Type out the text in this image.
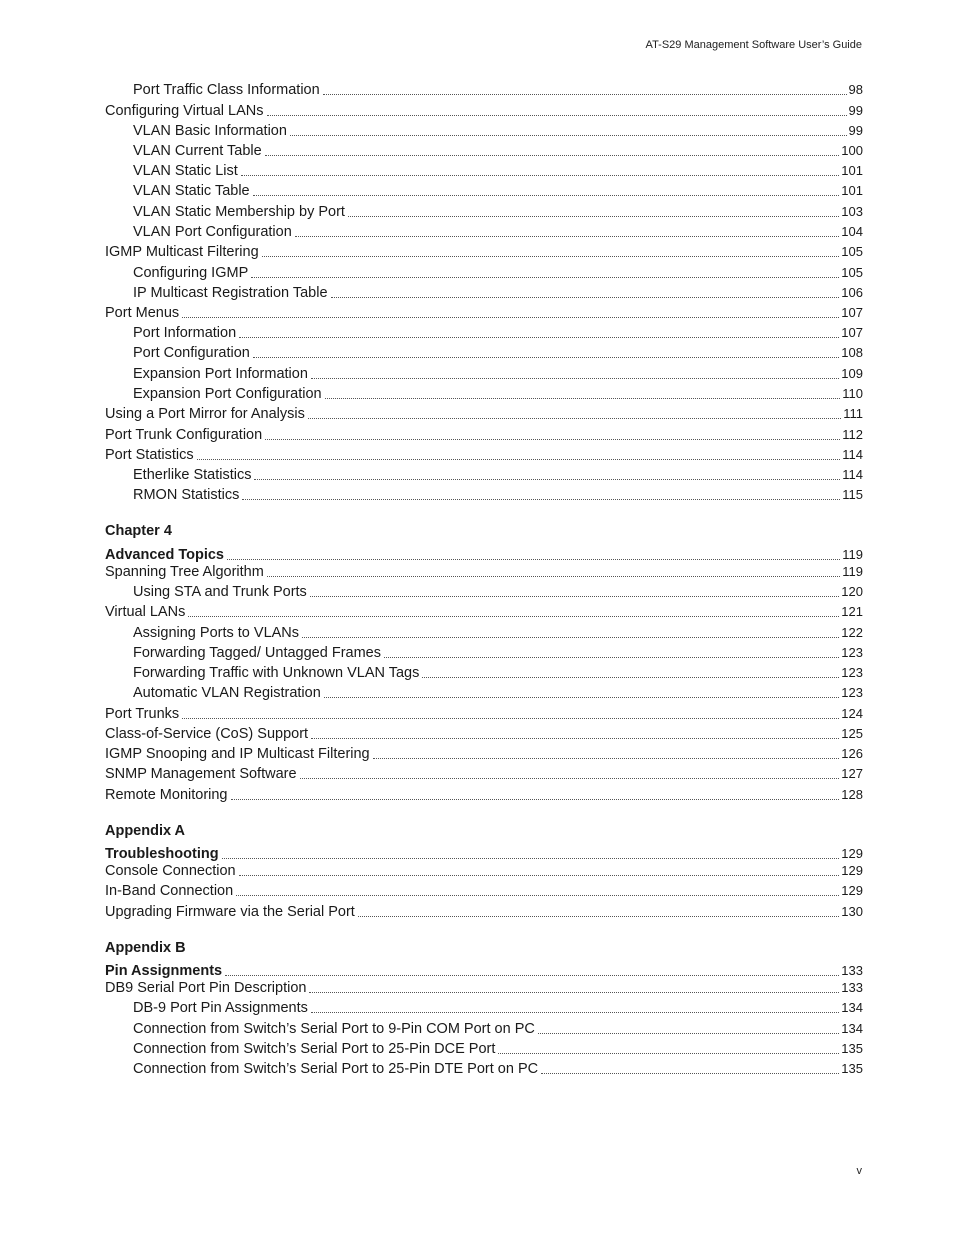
AT-S29 Management Software User’s Guide
Port Traffic Class Information	98
Configuring Virtual LANs	99
VLAN Basic Information	99
VLAN Current Table	100
VLAN Static List	101
VLAN Static Table	101
VLAN Static Membership by Port	103
VLAN Port Configuration	104
IGMP Multicast Filtering	105
Configuring IGMP	105
IP Multicast Registration Table	106
Port Menus	107
Port Information	107
Port Configuration	108
Expansion Port Information	109
Expansion Port Configuration	110
Using a Port Mirror for Analysis	111
Port Trunk Configuration	112
Port Statistics	114
Etherlike Statistics	114
RMON Statistics	115
Chapter 4
Advanced Topics	119
Spanning Tree Algorithm	119
Using STA and Trunk Ports	120
Virtual LANs	121
Assigning Ports to VLANs	122
Forwarding Tagged/ Untagged Frames	123
Forwarding Traffic with Unknown VLAN Tags	123
Automatic VLAN Registration	123
Port Trunks	124
Class-of-Service (CoS) Support	125
IGMP Snooping and IP Multicast Filtering	126
SNMP Management Software	127
Remote Monitoring	128
Appendix A
Troubleshooting	129
Console Connection	129
In-Band Connection	129
Upgrading Firmware via the Serial Port	130
Appendix B
Pin Assignments	133
DB9 Serial Port Pin Description	133
DB-9 Port Pin Assignments	134
Connection from Switch’s Serial Port to 9-Pin COM Port on PC	134
Connection from Switch’s Serial Port to 25-Pin DCE Port	135
Connection from Switch’s Serial Port to 25-Pin DTE Port on PC	135
v
